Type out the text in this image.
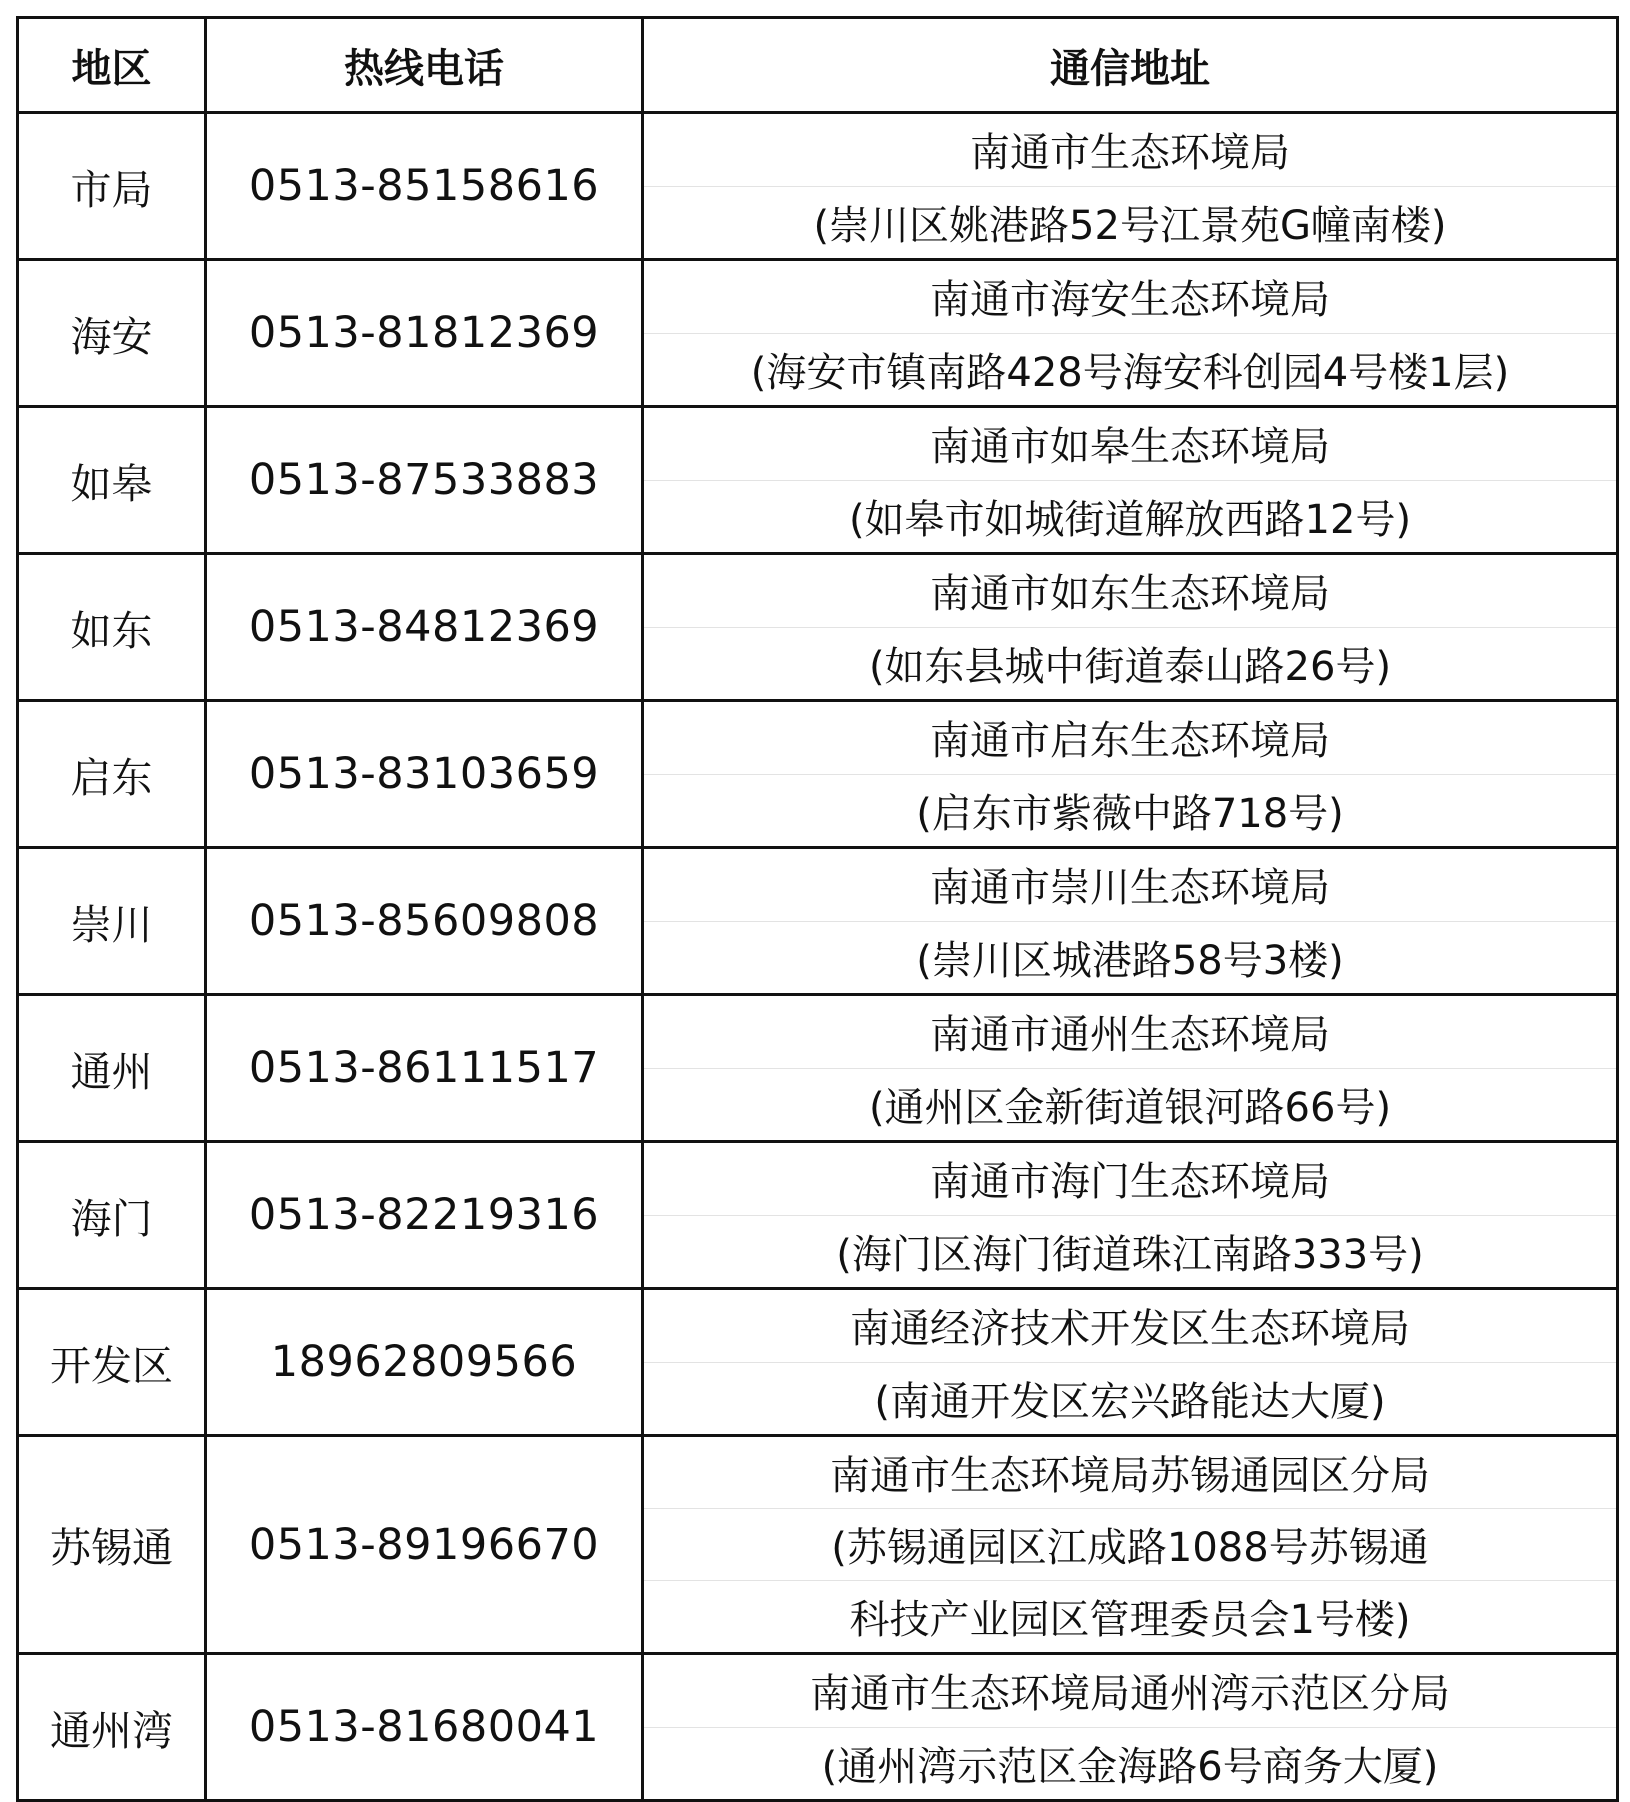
地区	热线电话	通信地址
市局	0513-85158616	南通市生态环境局
(崇川区姚港路52号江景苑G幢南楼)

海安	0513-81812369	南通市海安生态环境局
(海安市镇南路428号海安科创园4号楼1层)

如皋	0513-87533883	南通市如皋生态环境局
(如皋市如城街道解放西路12号)

如东	0513-84812369	南通市如东生态环境局
(如东县城中街道泰山路26号)

启东	0513-83103659	南通市启东生态环境局
(启东市紫薇中路718号)

崇川	0513-85609808	南通市崇川生态环境局
(崇川区城港路58号3楼)

通州	0513-86111517	南通市通州生态环境局
(通州区金新街道银河路66号)

海门	0513-82219316	南通市海门生态环境局
(海门区海门街道珠江南路333号)

开发区	18962809566	南通经济技术开发区生态环境局
(南通开发区宏兴路能达大厦)

苏锡通	0513-89196670	南通市生态环境局苏锡通园区分局
(苏锡通园区江成路1088号苏锡通
科技产业园区管理委员会1号楼)

通州湾	0513-81680041	南通市生态环境局通州湾示范区分局
(通州湾示范区金海路6号商务大厦)
